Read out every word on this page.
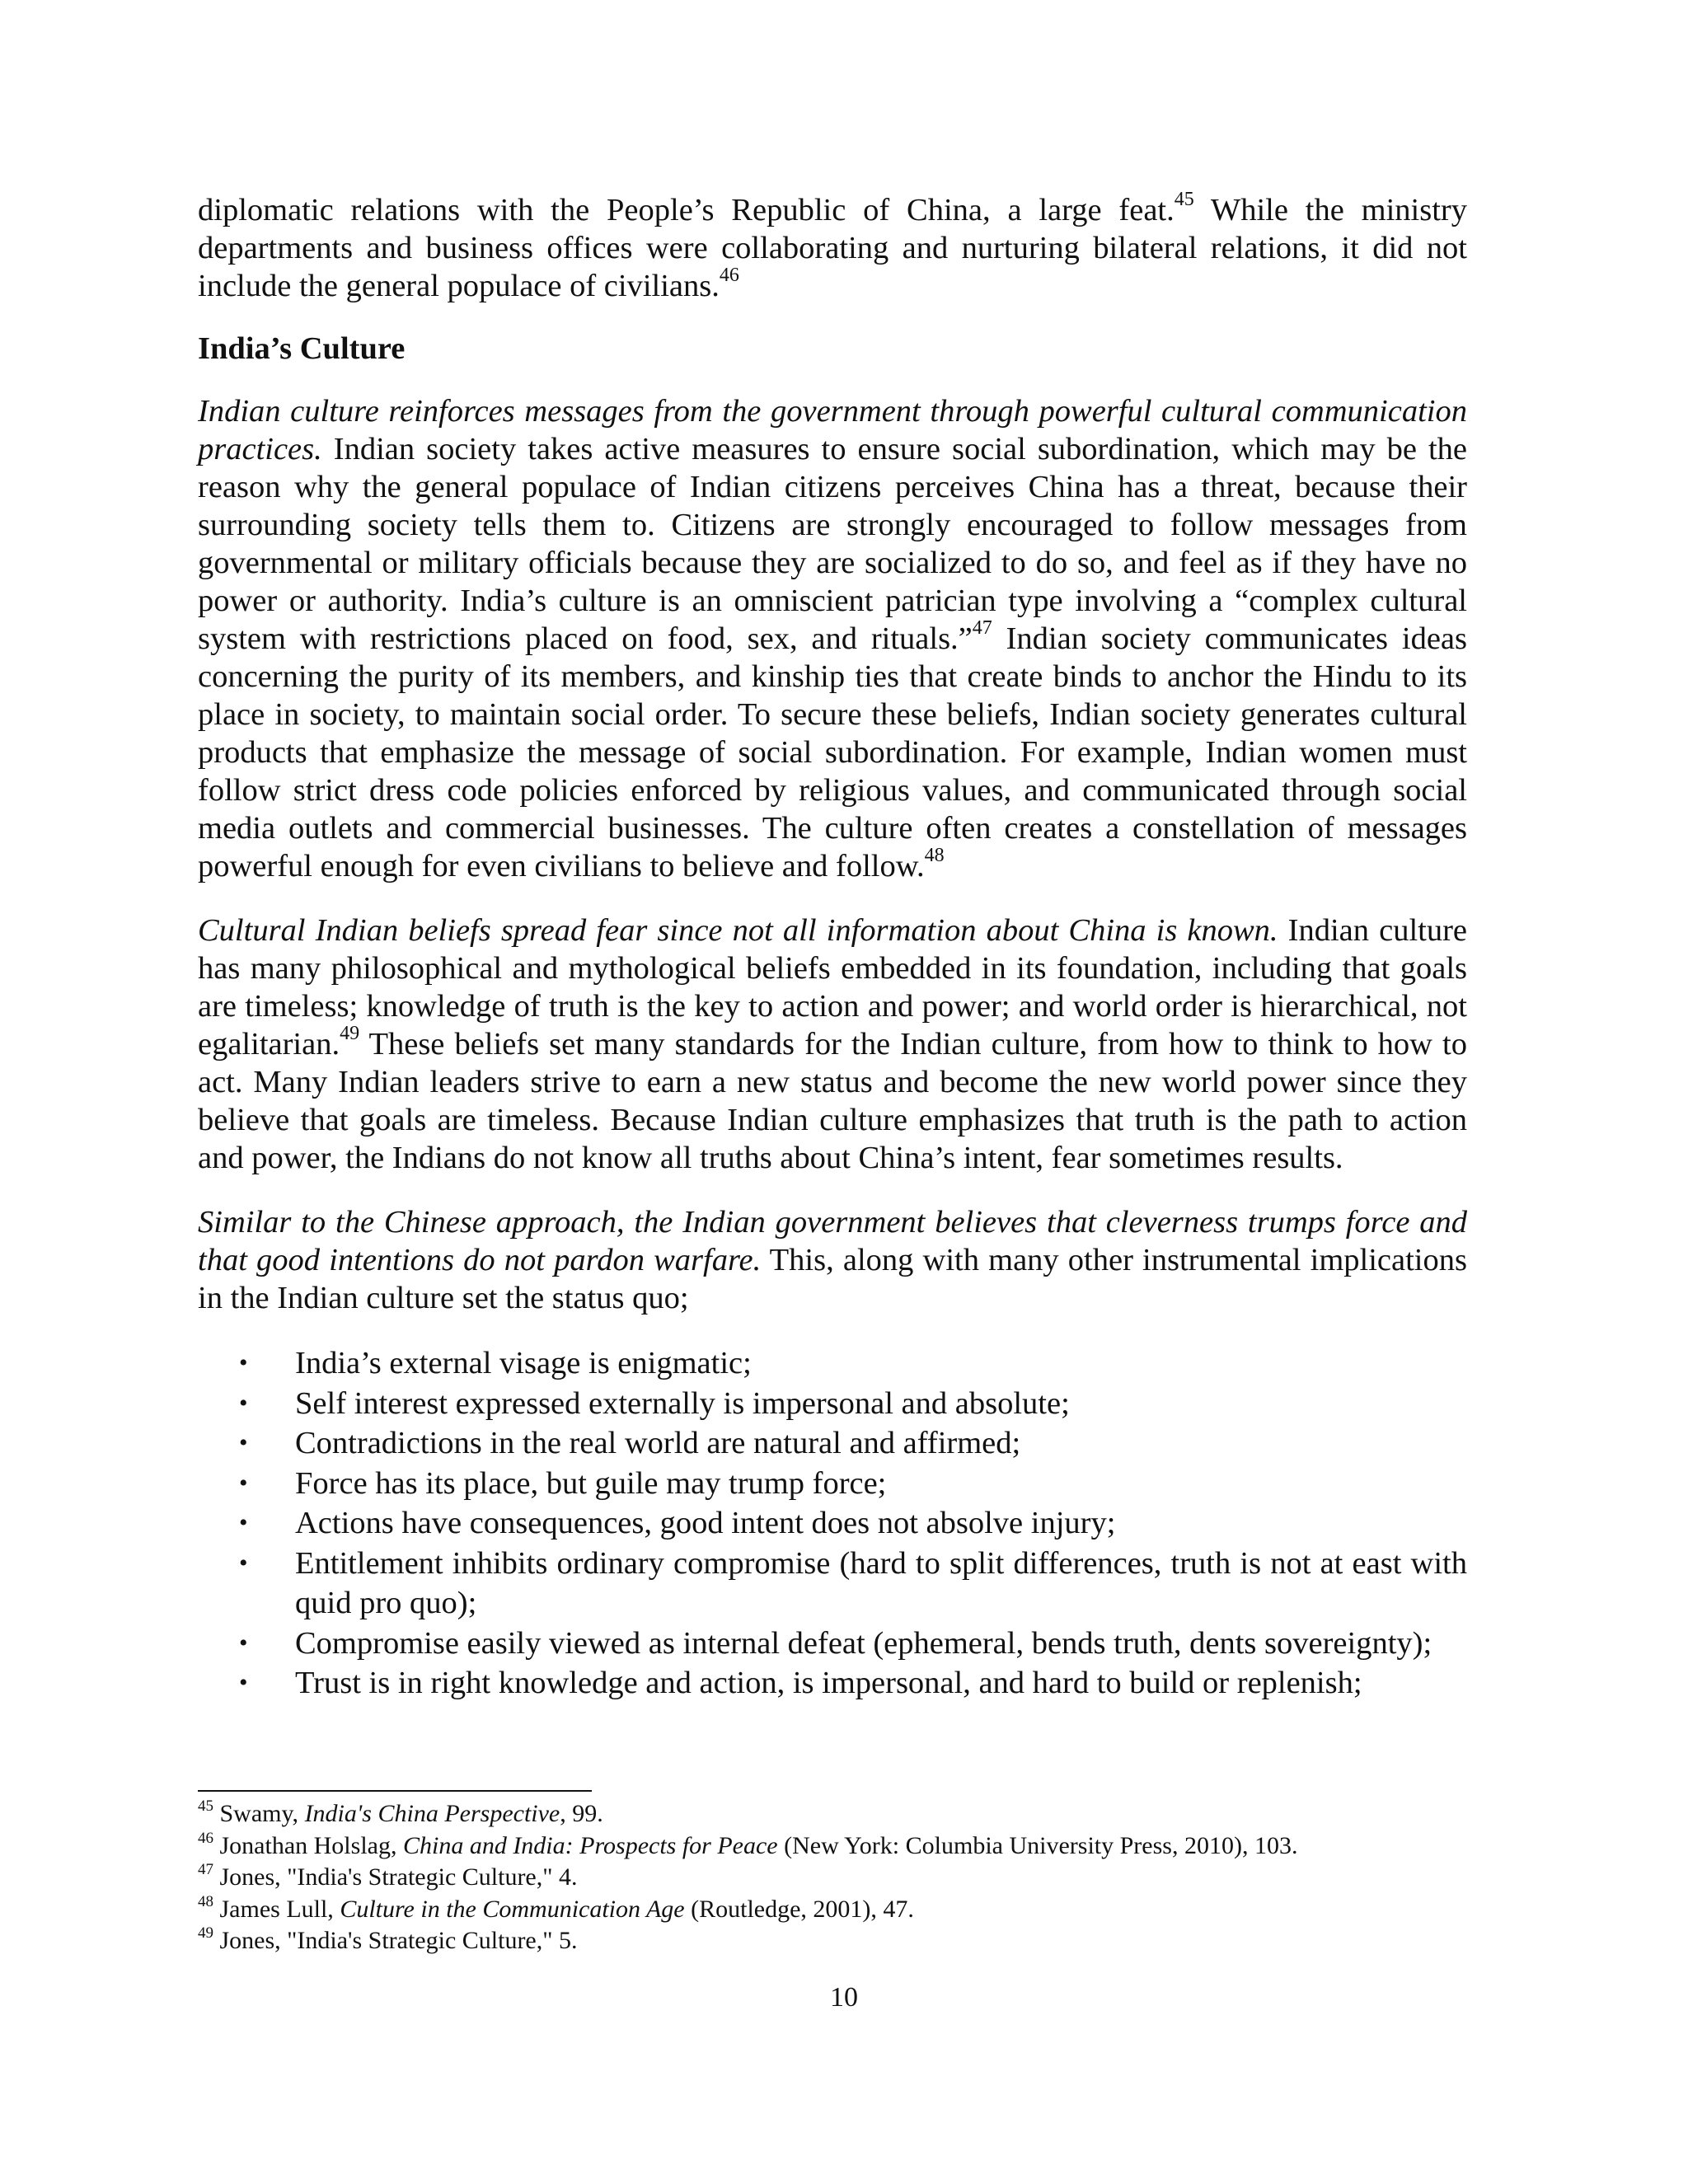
diplomatic relations with the People’s Republic of China, a large feat.$^{45}$ While the ministry departments and business offices were collaborating and nurturing bilateral relations, it did not include the general populace of civilians.$^{46}$

India’s Culture

Indian culture reinforces messages from the government through powerful cultural communication practices. Indian society takes active measures to ensure social subordination, which may be the reason why the general populace of Indian citizens perceives China has a threat, because their surrounding society tells them to. Citizens are strongly encouraged to follow messages from governmental or military officials because they are socialized to do so, and feel as if they have no power or authority. India’s culture is an omniscient patrician type involving a “complex cultural system with restrictions placed on food, sex, and rituals.”$^{47}$ Indian society communicates ideas concerning the purity of its members, and kinship ties that create binds to anchor the Hindu to its place in society, to maintain social order. To secure these beliefs, Indian society generates cultural products that emphasize the message of social subordination. For example, Indian women must follow strict dress code policies enforced by religious values, and communicated through social media outlets and commercial businesses. The culture often creates a constellation of messages powerful enough for even civilians to believe and follow.$^{48}$

Cultural Indian beliefs spread fear since not all information about China is known. Indian culture has many philosophical and mythological beliefs embedded in its foundation, including that goals are timeless; knowledge of truth is the key to action and power; and world order is hierarchical, not egalitarian.$^{49}$ These beliefs set many standards for the Indian culture, from how to think to how to act. Many Indian leaders strive to earn a new status and become the new world power since they believe that goals are timeless. Because Indian culture emphasizes that truth is the path to action and power, the Indians do not know all truths about China’s intent, fear sometimes results.

Similar to the Chinese approach, the Indian government believes that cleverness trumps force and that good intentions do not pardon warfare. This, along with many other instrumental implications in the Indian culture set the status quo;

• India’s external visage is enigmatic;
• Self interest expressed externally is impersonal and absolute;
• Contradictions in the real world are natural and affirmed;
• Force has its place, but guile may trump force;
• Actions have consequences, good intent does not absolve injury;
• Entitlement inhibits ordinary compromise (hard to split differences, truth is not at east with quid pro quo);
• Compromise easily viewed as internal defeat (ephemeral, bends truth, dents sovereignty);
• Trust is in right knowledge and action, is impersonal, and hard to build or replenish;
$^{45}$ Swamy, India's China Perspective, 99.
$^{46}$ Jonathan Holslag, China and India: Prospects for Peace (New York: Columbia University Press, 2010), 103.
$^{47}$ Jones, "India's Strategic Culture," 4.
$^{48}$ James Lull, Culture in the Communication Age (Routledge, 2001), 47.
$^{49}$ Jones, "India's Strategic Culture," 5.
10
